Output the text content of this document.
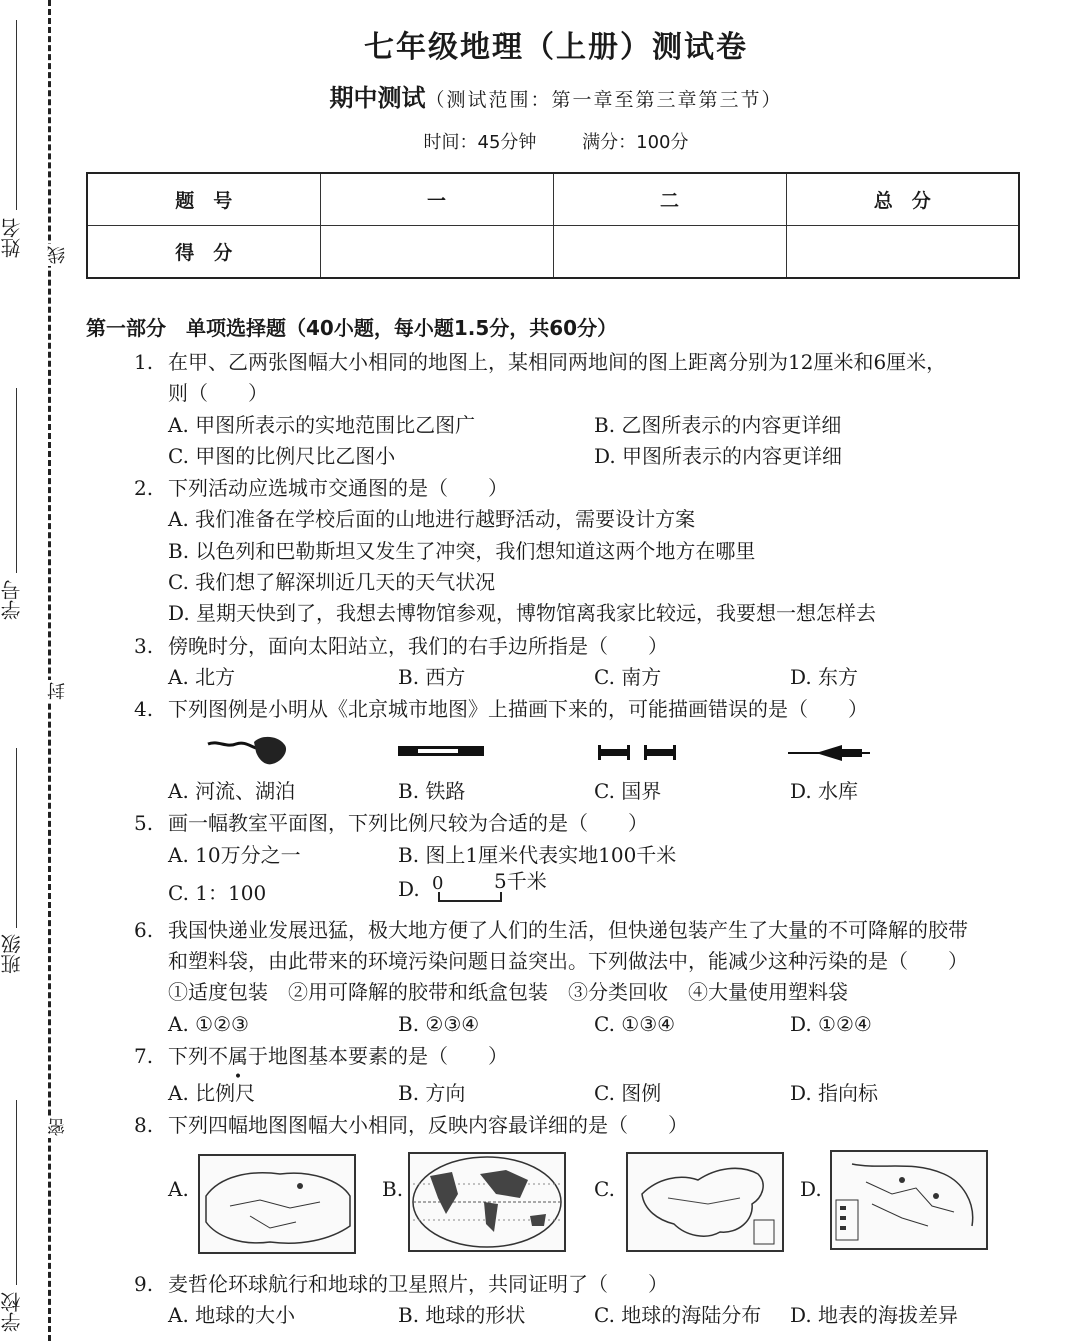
姓名
学号
班级
学校
线
封
密
七年级地理（上册）测试卷
期中测试（测试范围：第一章至第三章第三节）
时间：45分钟	满分：100分
题　号	一	二	总　分
得　分			
第一部分　单项选择题（40小题，每小题1.5分，共60分）
1. 在甲、乙两张图幅大小相同的地图上，某相同两地间的图上距离分别为12厘米和6厘米，
则（　　）
A. 甲图所表示的实地范围比乙图广	B. 乙图所表示的内容更详细
C. 甲图的比例尺比乙图小	D. 甲图所表示的内容更详细
2. 下列活动应选城市交通图的是（　　）
A. 我们准备在学校后面的山地进行越野活动，需要设计方案
B. 以色列和巴勒斯坦又发生了冲突，我们想知道这两个地方在哪里
C. 我们想了解深圳近几天的天气状况
D. 星期天快到了，我想去博物馆参观，博物馆离我家比较远，我要想一想怎样去
3. 傍晚时分，面向太阳站立，我们的右手边所指是（　　）
A. 北方	B. 西方	C. 南方	D. 东方
4. 下列图例是小明从《北京城市地图》上描画下来的，可能描画错误的是（　　）
A. 河流、湖泊	B. 铁路	C. 国界	D. 水库
5. 画一幅教室平面图，下列比例尺较为合适的是（　　）
A. 10万分之一	B. 图上1厘米代表实地100千米
C. 1：100	D. 0	5千米
6. 我国快递业发展迅猛，极大地方便了人们的生活，但快递包装产生了大量的不可降解的胶带
和塑料袋，由此带来的环境污染问题日益突出。下列做法中，能减少这种污染的是（　　）
①适度包装　②用可降解的胶带和纸盒包装　③分类回收　④大量使用塑料袋
A. ①②③	B. ②③④	C. ①③④	D. ①②④
7. 下列不属于地图基本要素的是（　　）
A. 比例尺	B. 方向	C. 图例	D. 指向标
8. 下列四幅地图图幅大小相同，反映内容最详细的是（　　）
A.	B.	C.	D.
9. 麦哲伦环球航行和地球的卫星照片，共同证明了（　　）
A. 地球的大小	B. 地球的形状	C. 地球的海陆分布 D. 地表的海拔差异
